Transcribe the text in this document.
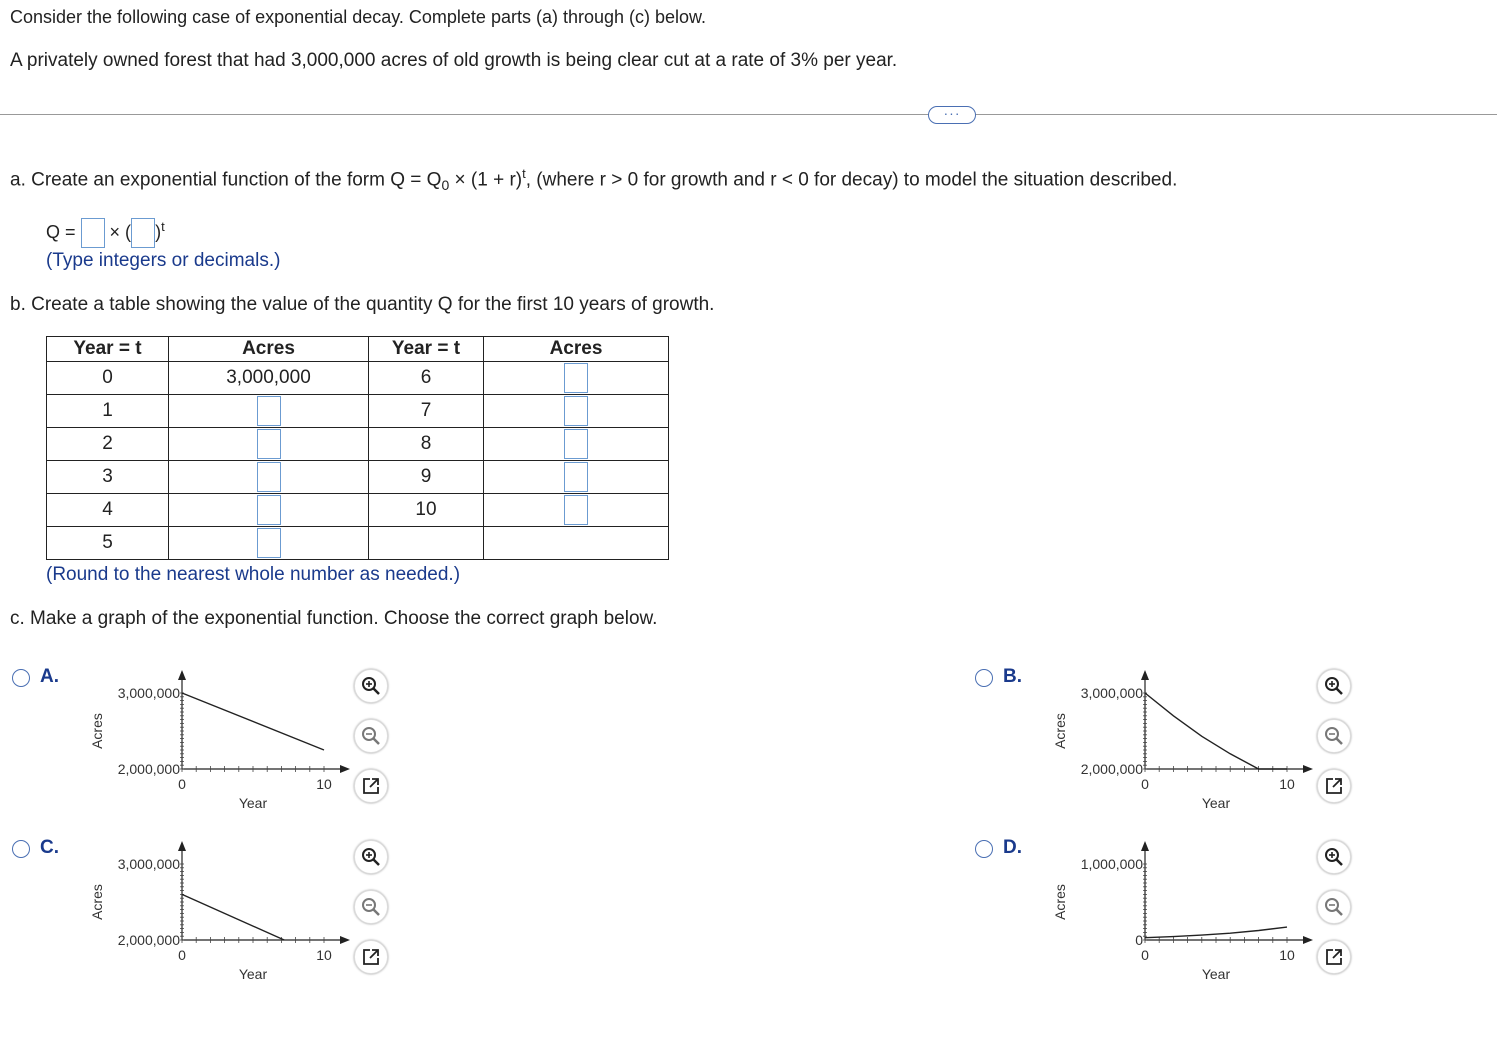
Consider the following case of exponential decay. Complete parts (a) through (c) below.
A privately owned forest that had 3,000,000 acres of old growth is being clear cut at a rate of 3% per year.
···
a. Create an exponential function of the form $Q = Q_0 \times (1 + r)^t$, (where r > 0 for growth and r < 0 for decay) to model the situation described.
Q = × ( )$^t$
(Type integers or decimals.)
b. Create a table showing the value of the quantity Q for the first 10 years of growth.
Year = t	Acres	Year = t	Acres
0	3,000,000	6	
1		7	
2		8	
3		9	
4		10	
5			
(Round to the nearest whole number as needed.)
c. Make a graph of the exponential function. Choose the correct graph below.
A.
3,000,000
2,000,000
0	10
Year
Acres
B.
3,000,000
2,000,000
0	10
Year
Acres
C.
3,000,000
2,000,000
0	10
Year
Acres
D.
1,000,000
0
0	10
Year
Acres
